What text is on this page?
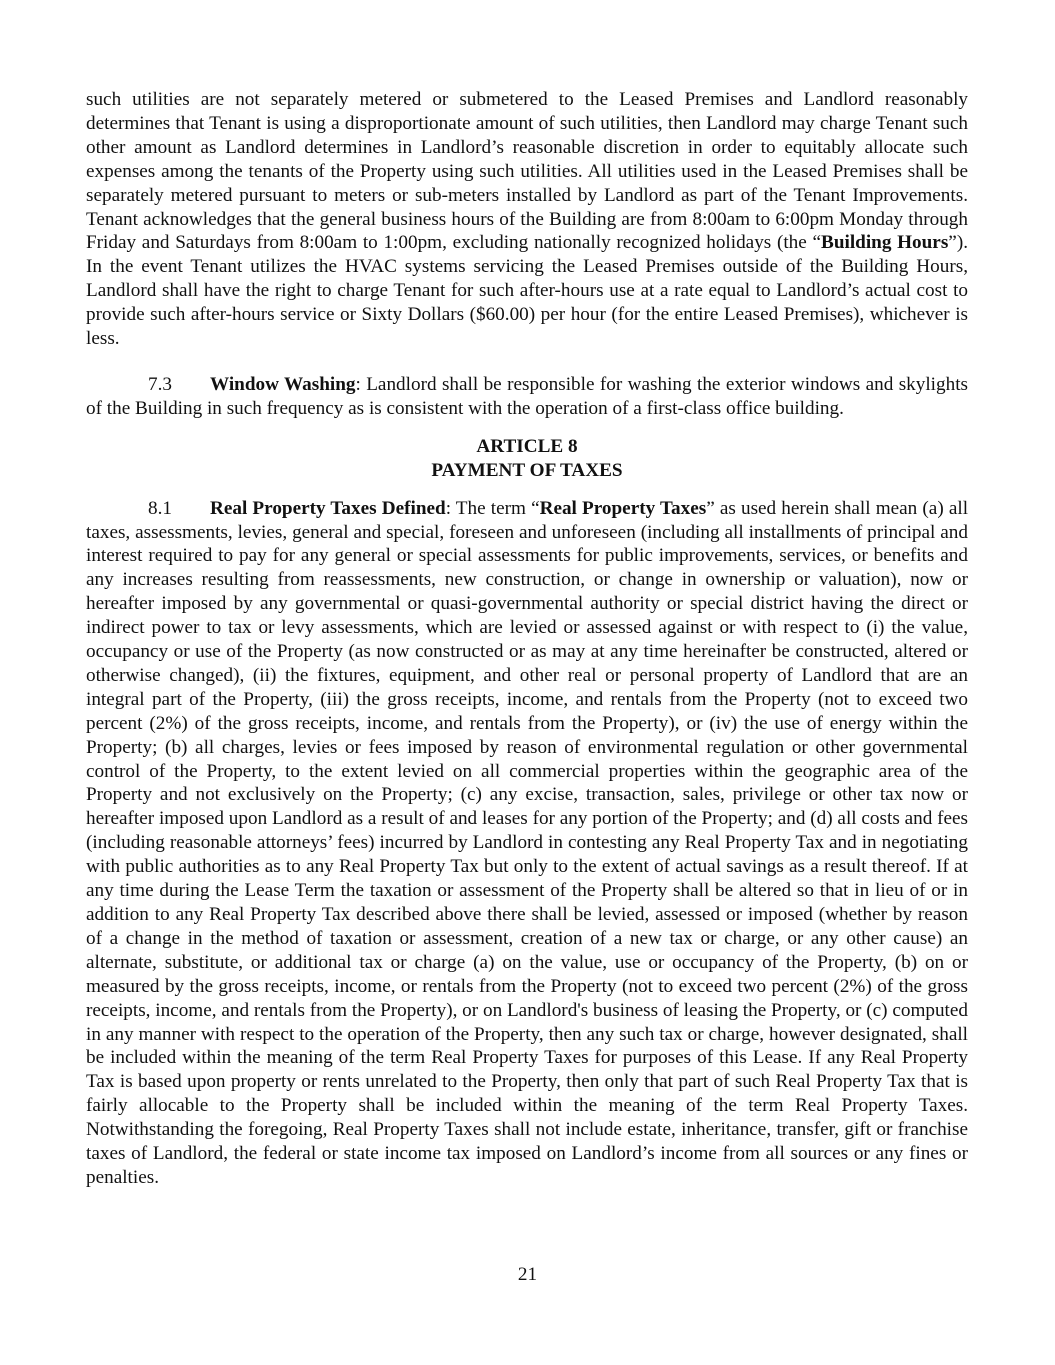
such utilities are not separately metered or submetered to the Leased Premises and Landlord reasonably determines that Tenant is using a disproportionate amount of such utilities, then Landlord may charge Tenant such other amount as Landlord determines in Landlord’s reasonable discretion in order to equitably allocate such expenses among the tenants of the Property using such utilities. All utilities used in the Leased Premises shall be separately metered pursuant to meters or sub-meters installed by Landlord as part of the Tenant Improvements. Tenant acknowledges that the general business hours of the Building are from 8:00am to 6:00pm Monday through Friday and Saturdays from 8:00am to 1:00pm, excluding nationally recognized holidays (the “Building Hours”). In the event Tenant utilizes the HVAC systems servicing the Leased Premises outside of the Building Hours, Landlord shall have the right to charge Tenant for such after-hours use at a rate equal to Landlord’s actual cost to provide such after-hours service or Sixty Dollars ($60.00) per hour (for the entire Leased Premises), whichever is less.

7.3 Window Washing: Landlord shall be responsible for washing the exterior windows and skylights of the Building in such frequency as is consistent with the operation of a first-class office building.

ARTICLE 8
PAYMENT OF TAXES

8.1 Real Property Taxes Defined: The term “Real Property Taxes” as used herein shall mean (a) all taxes, assessments, levies, general and special, foreseen and unforeseen (including all installments of principal and interest required to pay for any general or special assessments for public improvements, services, or benefits and any increases resulting from reassessments, new construction, or change in ownership or valuation), now or hereafter imposed by any governmental or quasi-governmental authority or special district having the direct or indirect power to tax or levy assessments, which are levied or assessed against or with respect to (i) the value, occupancy or use of the Property (as now constructed or as may at any time hereinafter be constructed, altered or otherwise changed), (ii) the fixtures, equipment, and other real or personal property of Landlord that are an integral part of the Property, (iii) the gross receipts, income, and rentals from the Property (not to exceed two percent (2%) of the gross receipts, income, and rentals from the Property), or (iv) the use of energy within the Property; (b) all charges, levies or fees imposed by reason of environmental regulation or other governmental control of the Property, to the extent levied on all commercial properties within the geographic area of the Property and not exclusively on the Property; (c) any excise, transaction, sales, privilege or other tax now or hereafter imposed upon Landlord as a result of and leases for any portion of the Property; and (d) all costs and fees (including reasonable attorneys’ fees) incurred by Landlord in contesting any Real Property Tax and in negotiating with public authorities as to any Real Property Tax but only to the extent of actual savings as a result thereof. If at any time during the Lease Term the taxation or assessment of the Property shall be altered so that in lieu of or in addition to any Real Property Tax described above there shall be levied, assessed or imposed (whether by reason of a change in the method of taxation or assessment, creation of a new tax or charge, or any other cause) an alternate, substitute, or additional tax or charge (a) on the value, use or occupancy of the Property, (b) on or measured by the gross receipts, income, or rentals from the Property (not to exceed two percent (2%) of the gross receipts, income, and rentals from the Property), or on Landlord's business of leasing the Property, or (c) computed in any manner with respect to the operation of the Property, then any such tax or charge, however designated, shall be included within the meaning of the term Real Property Taxes for purposes of this Lease. If any Real Property Tax is based upon property or rents unrelated to the Property, then only that part of such Real Property Tax that is fairly allocable to the Property shall be included within the meaning of the term Real Property Taxes. Notwithstanding the foregoing, Real Property Taxes shall not include estate, inheritance, transfer, gift or franchise taxes of Landlord, the federal or state income tax imposed on Landlord’s income from all sources or any fines or penalties.

21
